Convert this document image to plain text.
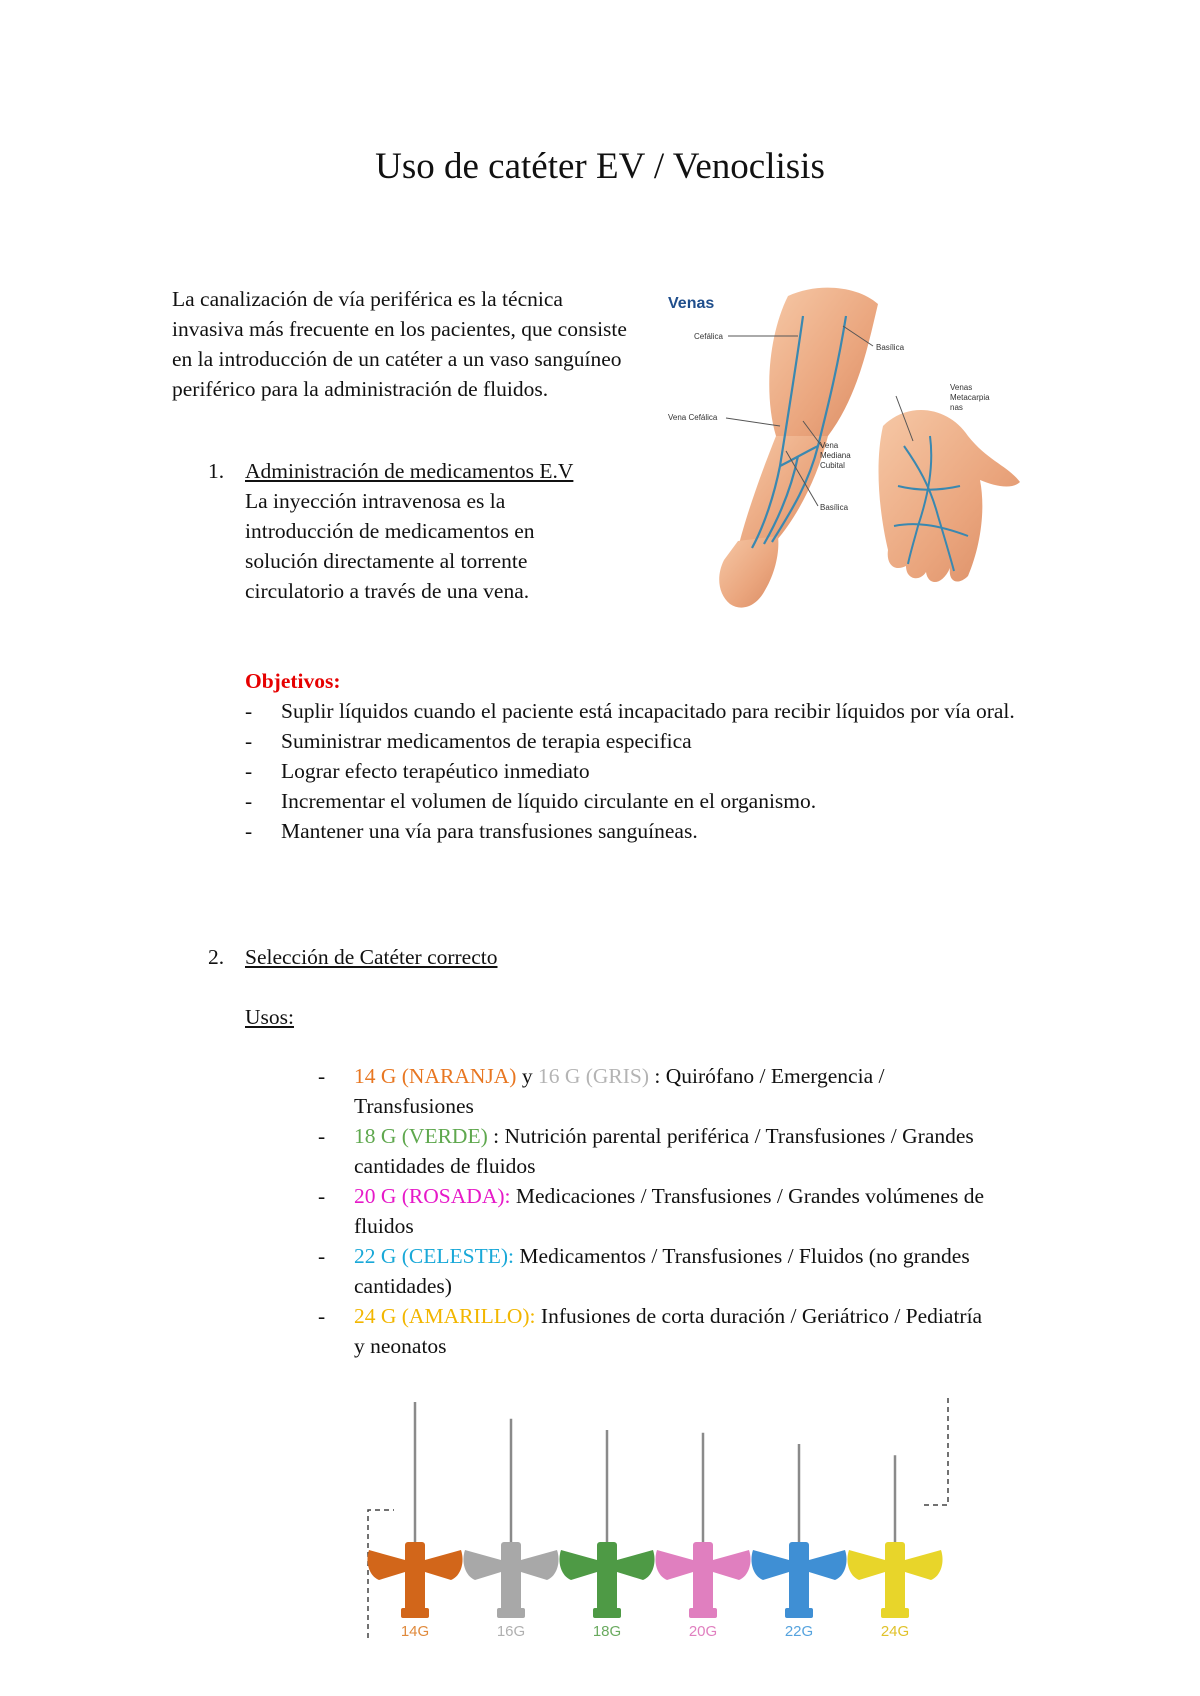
Uso de catéter EV / Venoclisis

La canalización de vía periférica es la técnica invasiva más frecuente en los pacientes, que consiste en la introducción de un catéter a un vaso sanguíneo periférico para la administración de fluidos.

Venas
Cefálica
Basílica
Vena Cefálica
Vena
Mediana
Cubital
Basílica
Venas
Metacarpia
nas
1. Administración de medicamentos E.V

La inyección intravenosa es la introducción de medicamentos en solución directamente al torrente circulatorio a través de una vena.

Objetivos:
- Suplir líquidos cuando el paciente está incapacitado para recibir líquidos por vía oral.
- Suministrar medicamentos de terapia especifica
- Lograr efecto terapéutico inmediato
- Incrementar el volumen de líquido circulante en el organismo.
- Mantener una vía para transfusiones sanguíneas.
2. Selección de Catéter correcto
Usos:
- 14 G (NARANJA) y 16 G (GRIS) : Quirófano / Emergencia / Transfusiones
- 18 G (VERDE) : Nutrición parental periférica / Transfusiones / Grandes cantidades de fluidos
- 20 G (ROSADA): Medicaciones / Transfusiones / Grandes volúmenes de fluidos
- 22 G (CELESTE): Medicamentos / Transfusiones / Fluidos (no grandes cantidades)
- 24 G (AMARILLO): Infusiones de corta duración / Geriátrico / Pediatría y neonatos
14G	16G	18G	20G	22G	24G
